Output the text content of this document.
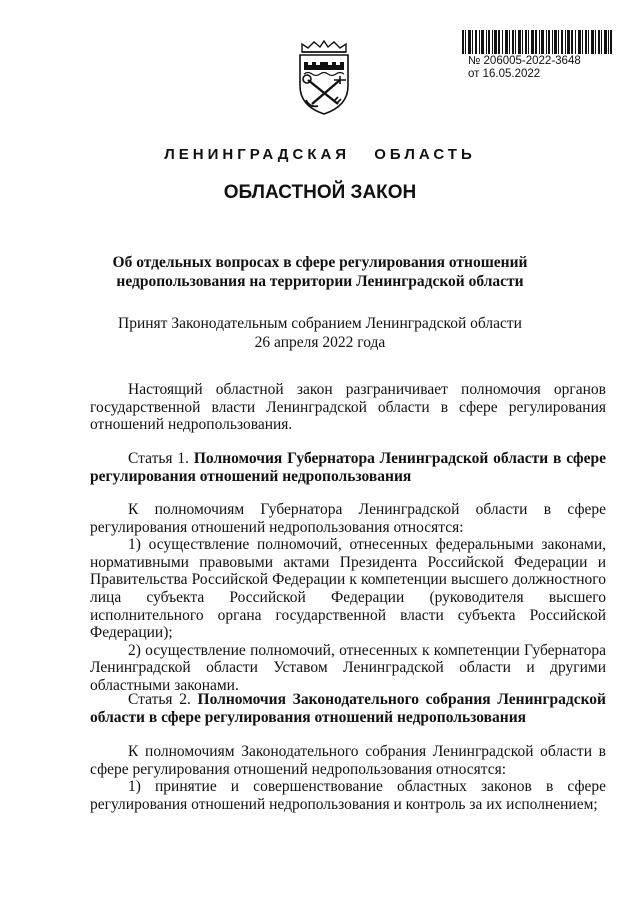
№ 206005-2022-3648
от 16.05.2022
ЛЕНИНГРАДСКАЯ ОБЛАСТЬ
ОБЛАСТНОЙ ЗАКОН
Об отдельных вопросах в сфере регулирования отношений недропользования на территории Ленинградской области
Принят Законодательным собранием Ленинградской области
26 апреля 2022 года

Настоящий областной закон разграничивает полномочия органов государственной власти Ленинградской области в сфере регулирования отношений недропользования.

Статья 1. Полномочия Губернатора Ленинградской области в сфере регулирования отношений недропользования

К полномочиям Губернатора Ленинградской области в сфере регулирования отношений недропользования относятся:

1) осуществление полномочий, отнесенных федеральными законами, нормативными правовыми актами Президента Российской Федерации и Правительства Российской Федерации к компетенции высшего должностного лица субъекта Российской Федерации (руководителя высшего исполнительного органа государственной власти субъекта Российской Федерации);

2) осуществление полномочий, отнесенных к компетенции Губернатора Ленинградской области Уставом Ленинградской области и другими областными законами.

Статья 2. Полномочия Законодательного собрания Ленинградской области в сфере регулирования отношений недропользования

К полномочиям Законодательного собрания Ленинградской области в сфере регулирования отношений недропользования относятся:

1) принятие и совершенствование областных законов в сфере регулирования отношений недропользования и контроль за их исполнением;
